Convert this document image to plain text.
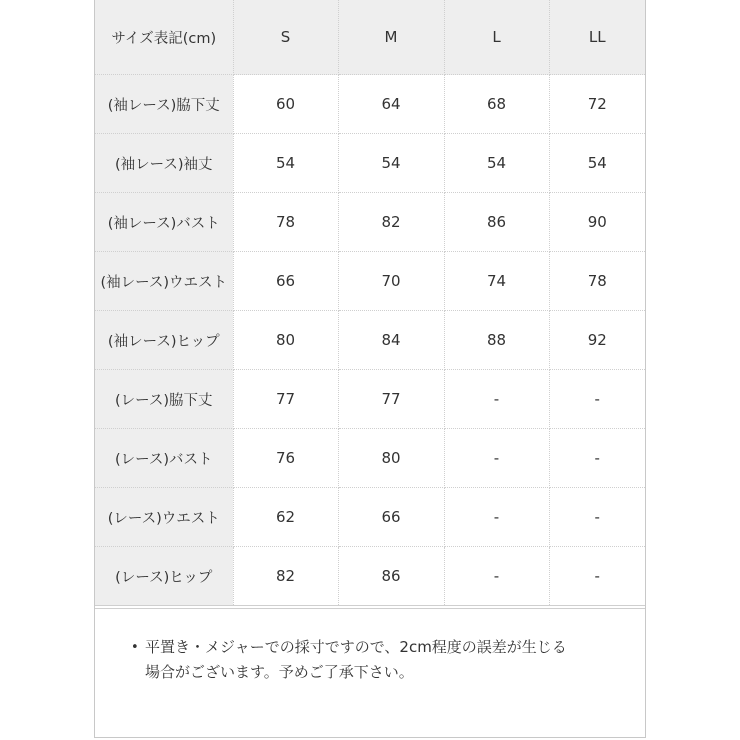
サイズ表記(cm)	S	M	L	LL
(袖レース)脇下丈	60	64	68	72
(袖レース)袖丈	54	54	54	54
(袖レース)バスト	78	82	86	90
(袖レース)ウエスト	66	70	74	78
(袖レース)ヒップ	80	84	88	92
(レース)脇下丈	77	77	-	-
(レース)バスト	76	80	-	-
(レース)ウエスト	62	66	-	-
(レース)ヒップ	82	86	-	-
• 平置き・メジャーでの採寸ですので、2cm程度の誤差が生じる
場合がございます。予めご了承下さい。
